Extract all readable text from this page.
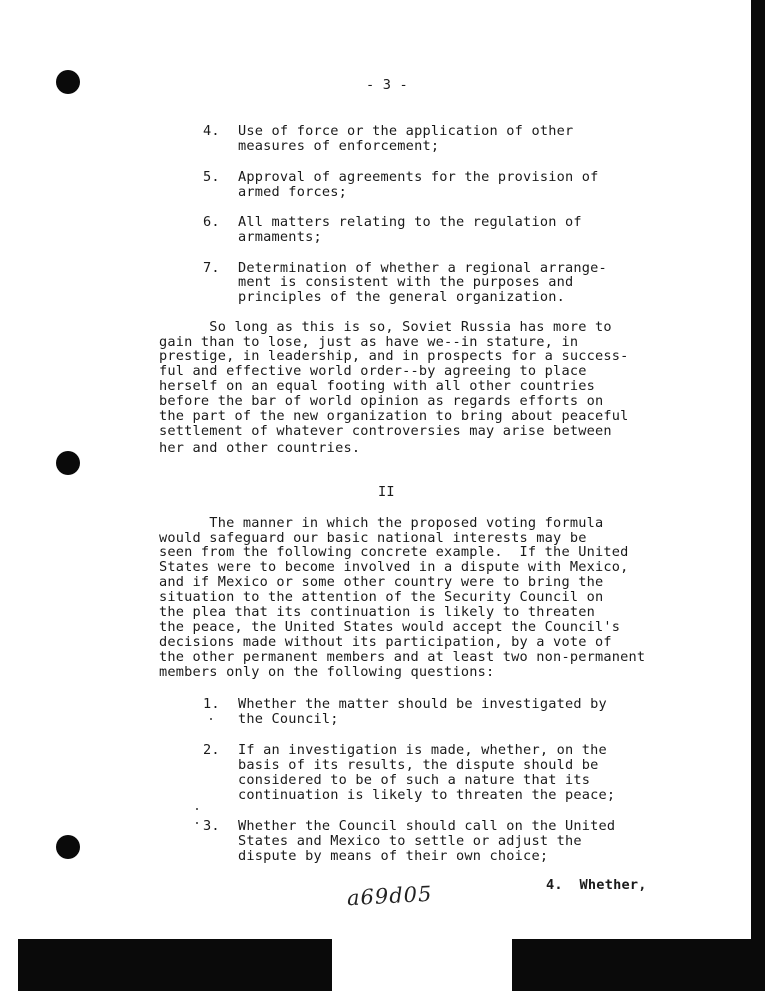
- 3 -
4. Use of force or the application of other
measures of enforcement;
5. Approval of agreements for the provision of
armed forces;
6. All matters relating to the regulation of
armaments;
7. Determination of whether a regional arrange-
ment is consistent with the purposes and
principles of the general organization.
So long as this is so, Soviet Russia has more to
gain than to lose, just as have we--in stature, in
prestige, in leadership, and in prospects for a success-
ful and effective world order--by agreeing to place
herself on an equal footing with all other countries
before the bar of world opinion as regards efforts on
the part of the new organization to bring about peaceful
settlement of whatever controversies may arise between
her and other countries.
II
The manner in which the proposed voting formula
would safeguard our basic national interests may be
seen from the following concrete example.  If the United
States were to become involved in a dispute with Mexico,
and if Mexico or some other country were to bring the
situation to the attention of the Security Council on
the plea that its continuation is likely to threaten
the peace, the United States would accept the Council's
decisions made without its participation, by a vote of
the other permanent members and at least two non-permanent
members only on the following questions:
1. Whether the matter should be investigated by
the Council;
2. If an investigation is made, whether, on the
basis of its results, the dispute should be
considered to be of such a nature that its
continuation is likely to threaten the peace;
3. Whether the Council should call on the United
States and Mexico to settle or adjust the
dispute by means of their own choice;
a69d05	4.  Whether,
